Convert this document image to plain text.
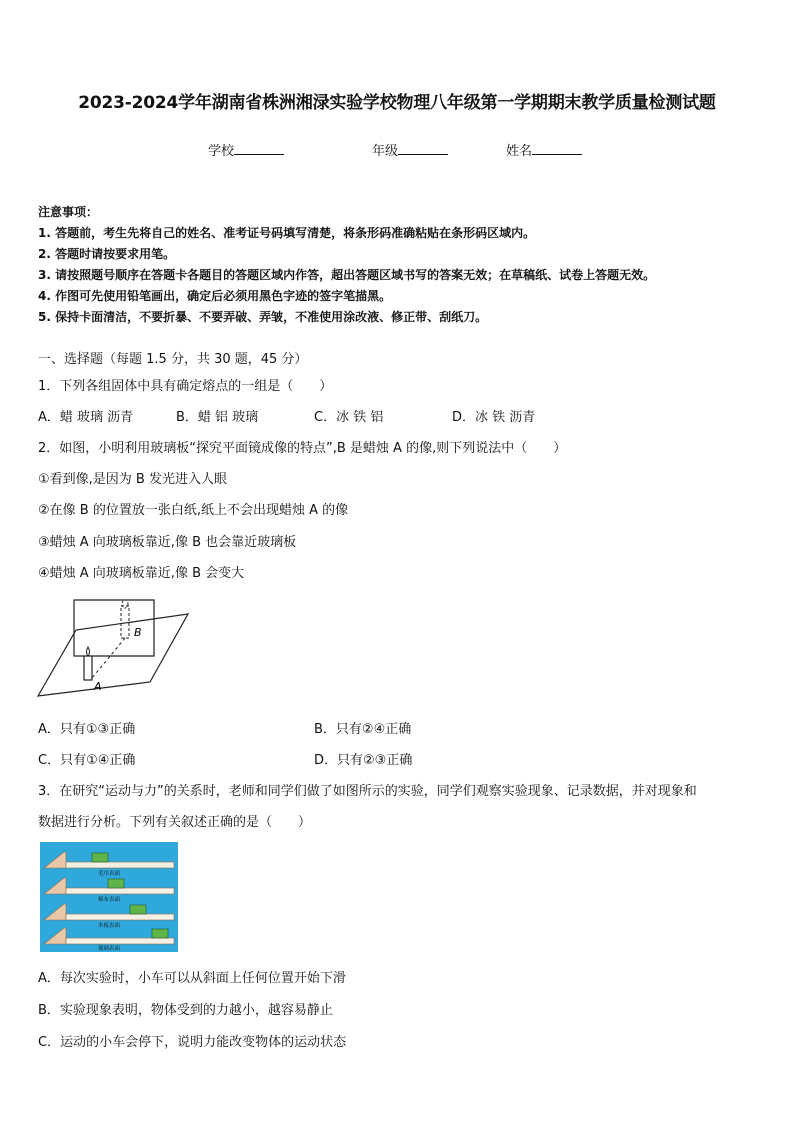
2023-2024学年湖南省株洲湘渌实验学校物理八年级第一学期期末教学质量检测试题
学校	年级	姓名
注意事项：
1. 答题前，考生先将自己的姓名、准考证号码填写清楚，将条形码准确粘贴在条形码区域内。
2. 答题时请按要求用笔。
3. 请按照题号顺序在答题卡各题目的答题区域内作答，超出答题区域书写的答案无效；在草稿纸、试卷上答题无效。
4. 作图可先使用铅笔画出，确定后必须用黑色字迹的签字笔描黑。
5. 保持卡面清洁，不要折暴、不要弄破、弄皱，不准使用涂改液、修正带、刮纸刀。
一、选择题（每题 1.5 分，共 30 题，45 分）
1．下列各组固体中具有确定熔点的一组是（　　）
A．蜡 玻璃 沥青	B．蜡 铝 玻璃	C．冰 铁 铝	D．冰 铁 沥青
2．如图，小明利用玻璃板“探究平面镜成像的特点”,B 是蜡烛 A 的像,则下列说法中（　　）
①看到像,是因为 B 发光进入人眼
②在像 B 的位置放一张白纸,纸上不会出现蜡烛 A 的像
③蜡烛 A 向玻璃板靠近,像 B 也会靠近玻璃板
④蜡烛 A 向玻璃板靠近,像 B 会变大
B
A
A．只有①③正确	B．只有②④正确
C．只有①④正确	D．只有②③正确
3．在研究“运动与力”的关系时，老师和同学们做了如图所示的实验，同学们观察实验现象、记录数据，并对现象和
数据进行分析。下列有关叙述正确的是（　　）
毛巾表面
棉布表面
木板表面
玻璃表面
A．每次实验时，小车可以从斜面上任何位置开始下滑
B．实验现象表明，物体受到的力越小，越容易静止
C．运动的小车会停下，说明力能改变物体的运动状态
